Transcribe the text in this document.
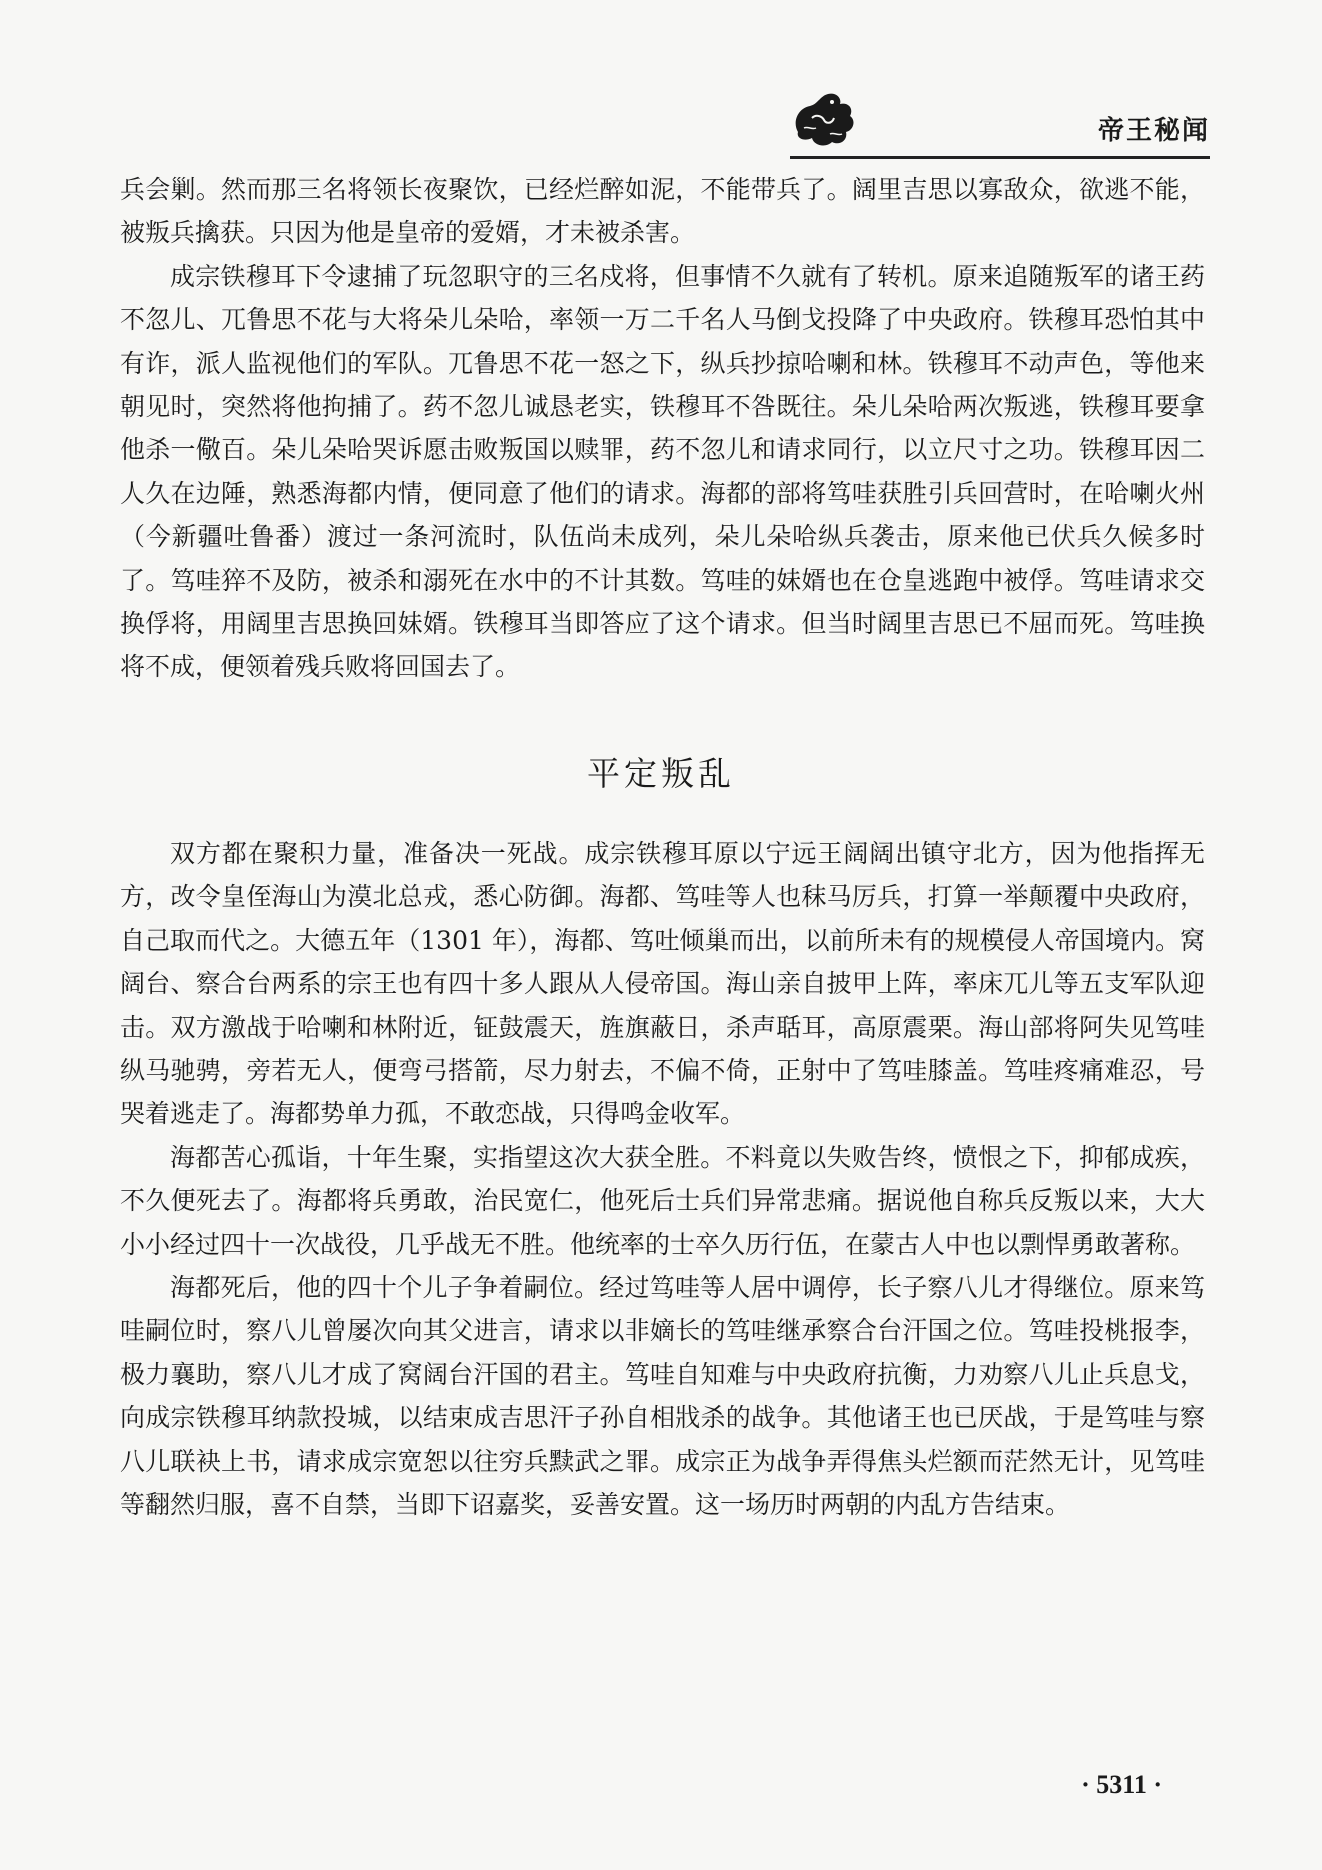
帝王秘闻

兵会剿。然而那三名将领长夜聚饮，已经烂醉如泥，不能带兵了。阔里吉思以寡敌众，欲逃不能，被叛兵擒获。只因为他是皇帝的爱婿，才未被杀害。

成宗铁穆耳下令逮捕了玩忽职守的三名戍将，但事情不久就有了转机。原来追随叛军的诸王药不忽儿、兀鲁思不花与大将朵儿朵哈，率领一万二千名人马倒戈投降了中央政府。铁穆耳恐怕其中有诈，派人监视他们的军队。兀鲁思不花一怒之下，纵兵抄掠哈喇和林。铁穆耳不动声色，等他来朝见时，突然将他拘捕了。药不忽儿诚恳老实，铁穆耳不咎既往。朵儿朵哈两次叛逃，铁穆耳要拿他杀一儆百。朵儿朵哈哭诉愿击败叛国以赎罪，药不忽儿和请求同行，以立尺寸之功。铁穆耳因二人久在边陲，熟悉海都内情，便同意了他们的请求。海都的部将笃哇获胜引兵回营时，在哈喇火州（今新疆吐鲁番）渡过一条河流时，队伍尚未成列，朵儿朵哈纵兵袭击，原来他已伏兵久候多时了。笃哇猝不及防，被杀和溺死在水中的不计其数。笃哇的妹婿也在仓皇逃跑中被俘。笃哇请求交换俘将，用阔里吉思换回妹婿。铁穆耳当即答应了这个请求。但当时阔里吉思已不屈而死。笃哇换将不成，便领着残兵败将回国去了。

平定叛乱

双方都在聚积力量，准备决一死战。成宗铁穆耳原以宁远王阔阔出镇守北方，因为他指挥无方，改令皇侄海山为漠北总戎，悉心防御。海都、笃哇等人也秣马厉兵，打算一举颠覆中央政府，自己取而代之。大德五年（1301 年），海都、笃吐倾巢而出，以前所未有的规模侵人帝国境内。窝阔台、察合台两系的宗王也有四十多人跟从人侵帝国。海山亲自披甲上阵，率床兀儿等五支军队迎击。双方激战于哈喇和林附近，钲鼓震天，旌旗蔽日，杀声聒耳，高原震栗。海山部将阿失见笃哇纵马驰骋，旁若无人，便弯弓搭箭，尽力射去，不偏不倚，正射中了笃哇膝盖。笃哇疼痛难忍，号哭着逃走了。海都势单力孤，不敢恋战，只得鸣金收军。

海都苦心孤诣，十年生聚，实指望这次大获全胜。不料竟以失败告终，愤恨之下，抑郁成疾，不久便死去了。海都将兵勇敢，治民宽仁，他死后士兵们异常悲痛。据说他自称兵反叛以来，大大小小经过四十一次战役，几乎战无不胜。他统率的士卒久历行伍，在蒙古人中也以剽悍勇敢著称。

海都死后，他的四十个儿子争着嗣位。经过笃哇等人居中调停，长子察八儿才得继位。原来笃哇嗣位时，察八儿曾屡次向其父进言，请求以非嫡长的笃哇继承察合台汗国之位。笃哇投桃报李，极力襄助，察八儿才成了窝阔台汗国的君主。笃哇自知难与中央政府抗衡，力劝察八儿止兵息戈，向成宗铁穆耳纳款投城，以结束成吉思汗子孙自相戕杀的战争。其他诸王也已厌战，于是笃哇与察八儿联袂上书，请求成宗宽恕以往穷兵黩武之罪。成宗正为战争弄得焦头烂额而茫然无计，见笃哇等翻然归服，喜不自禁，当即下诏嘉奖，妥善安置。这一场历时两朝的内乱方告结束。

· 5311 ·
